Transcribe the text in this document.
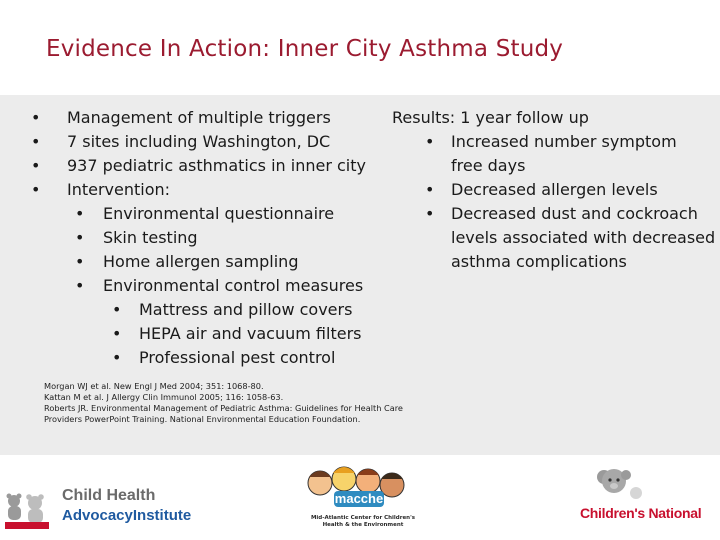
Evidence In Action: Inner City Asthma Study
• Management of multiple triggers
• 7 sites including Washington, DC
• 937 pediatric asthmatics in inner city
• Intervention:
• Environmental questionnaire
• Skin testing
• Home allergen sampling
• Environmental control measures
• Mattress and pillow covers
• HEPA air and vacuum filters
• Professional pest control
Results: 1 year follow up
• Increased number symptom
free days
• Decreased allergen levels
• Decreased dust and cockroach
levels associated with decreased
asthma complications
Morgan WJ et al. New Engl J Med 2004; 351: 1068-80.
Kattan M et al. J Allergy Clin Immunol 2005; 116: 1058-63.
Roberts JR. Environmental Management of Pediatric Asthma: Guidelines for Health Care
Providers PowerPoint Training. National Environmental Education Foundation.
Child Health
AdvocacyInstitute
macche
Mid-Atlantic Center for Children's Health & the Environment
Children's National
